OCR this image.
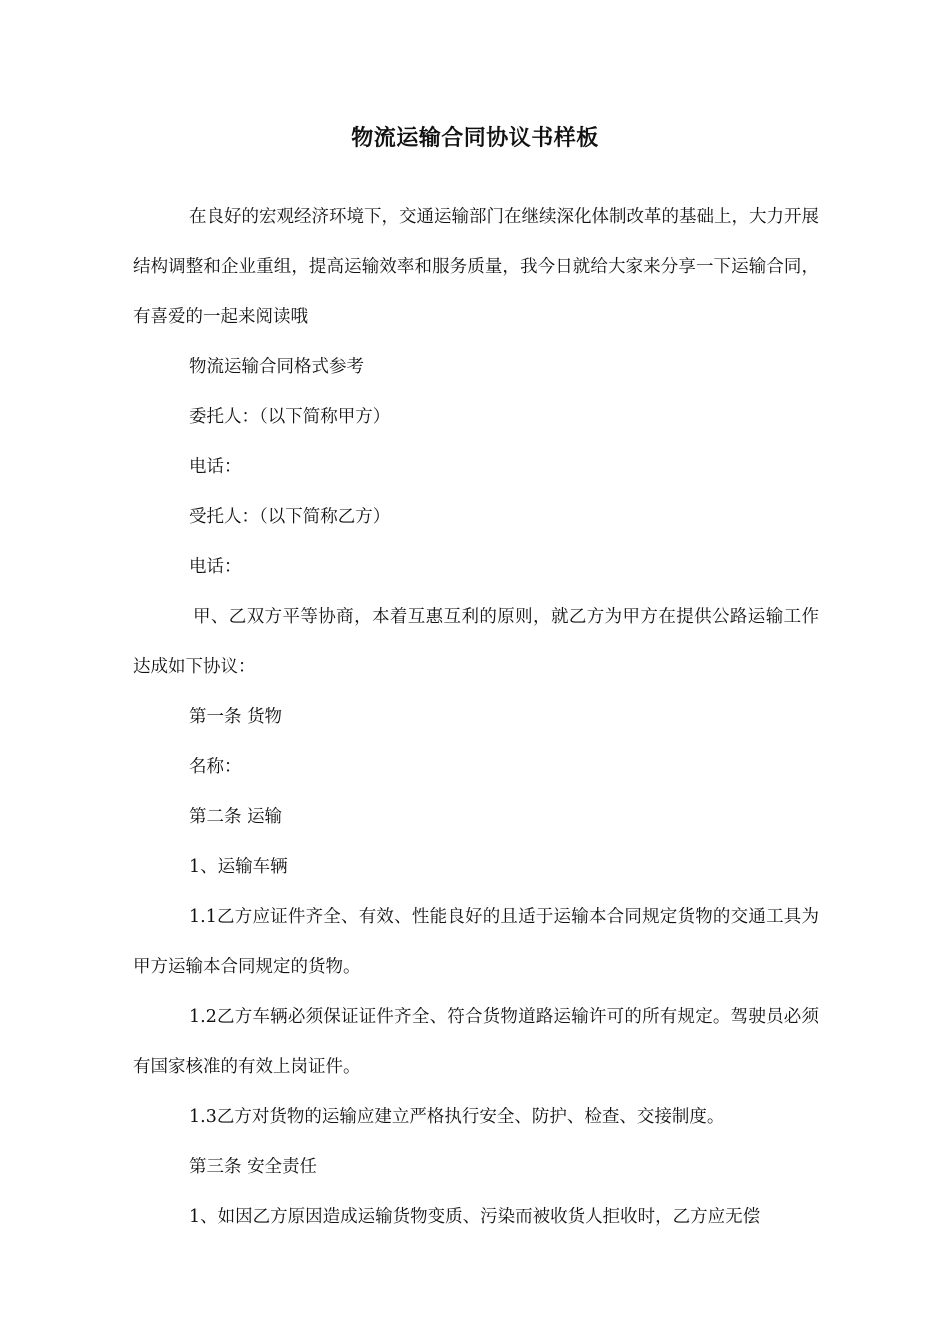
物流运输合同协议书样板

在良好的宏观经济环境下，交通运输部门在继续深化体制改革的基础上，大力开展结构调整和企业重组，提高运输效率和服务质量，我今日就给大家来分享一下运输合同，有喜爱的一起来阅读哦

物流运输合同格式参考

委托人：（以下简称甲方）

电话：

受托人：（以下简称乙方）

电话：

甲、乙双方平等协商，本着互惠互利的原则，就乙方为甲方在提供公路运输工作达成如下协议：

第一条 货物

名称：

第二条 运输

1、运输车辆

1.1乙方应证件齐全、有效、性能良好的且适于运输本合同规定货物的交通工具为甲方运输本合同规定的货物。

1.2乙方车辆必须保证证件齐全、符合货物道路运输许可的所有规定。驾驶员必须有国家核准的有效上岗证件。

1.3乙方对货物的运输应建立严格执行安全、防护、检查、交接制度。

第三条 安全责任

1、如因乙方原因造成运输货物变质、污染而被收货人拒收时，乙方应无偿
